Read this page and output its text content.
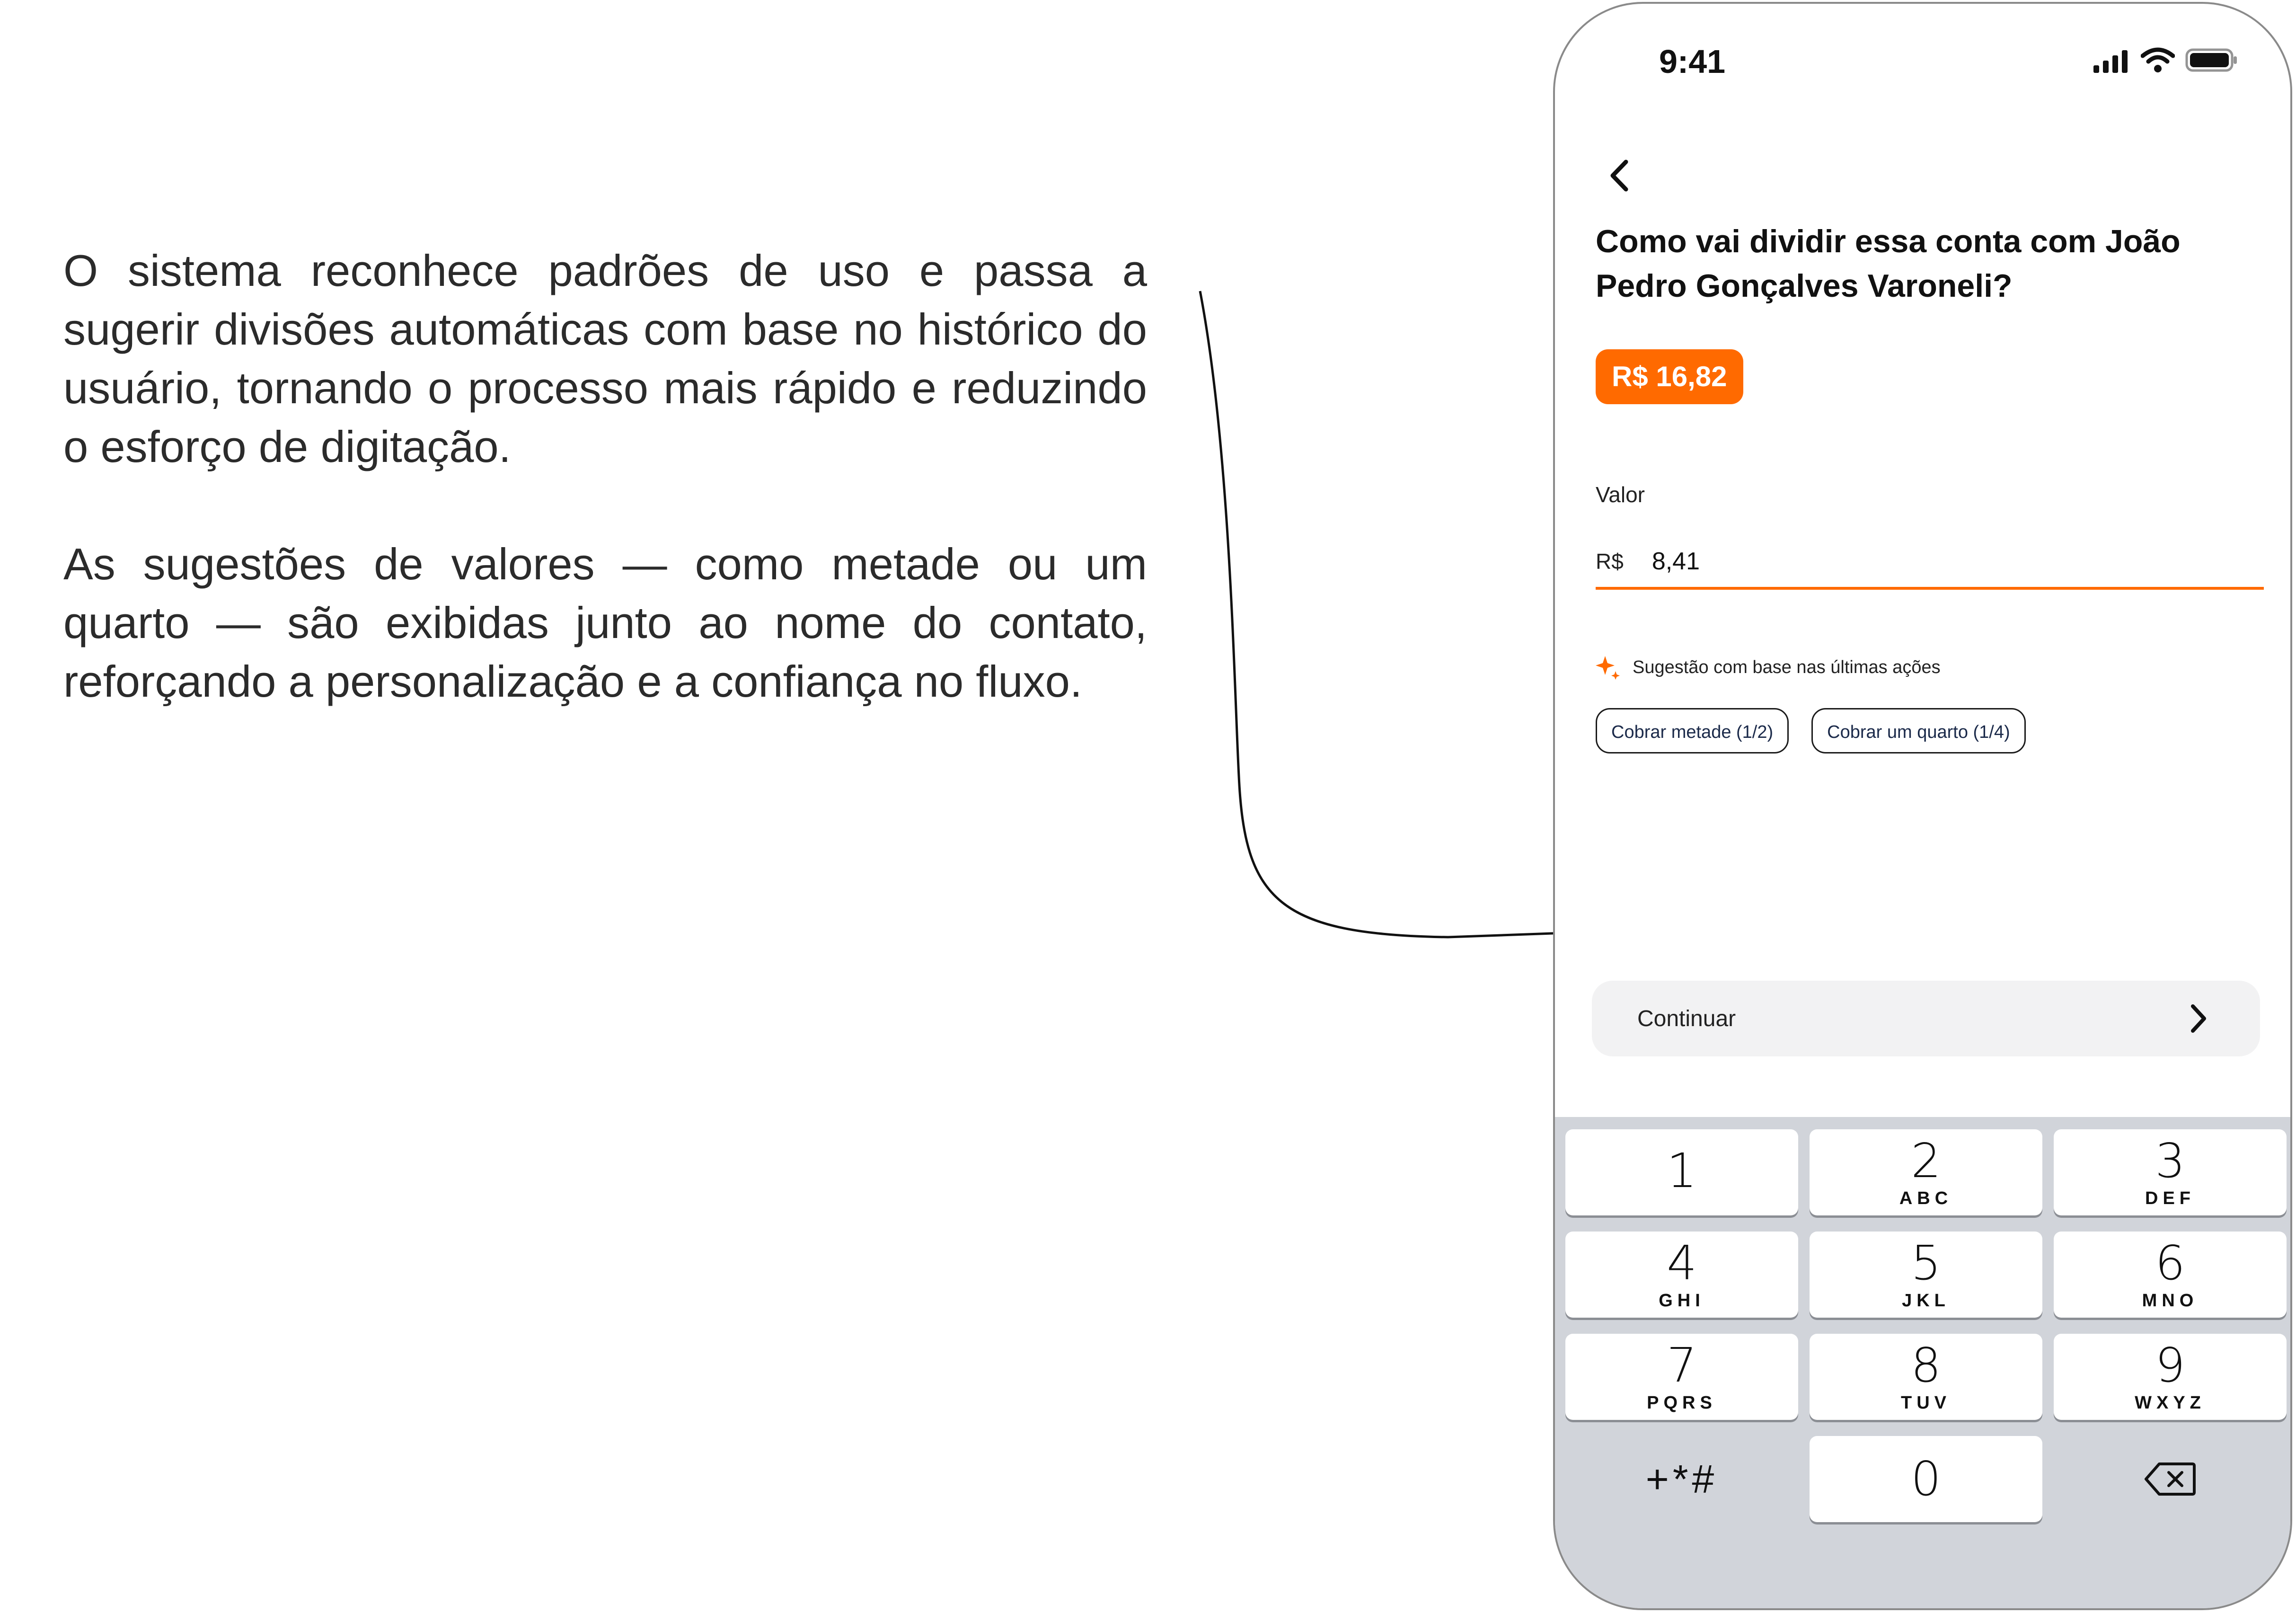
O sistema reconhece padrões de uso e passa a sugerir divisões automáticas com base no histórico do usuário, tornando o processo mais rápido e reduzindo o esforço de digitação.

As sugestões de valores — como metade ou um quarto — são exibidas junto ao nome do contato, reforçando a personalização e a confiança no fluxo.

9:41
Como vai dividir essa conta com João Pedro Gonçalves Varoneli?
R$ 16,82
Valor
R$
8,41
Sugestão com base nas últimas ações
Cobrar metade (1/2)	Cobrar um quarto (1/4)
Continuar
1	2
ABC
3
DEF
4
GHI
5
JKL
6
MNO
7
PQRS
8
TUV
9
WXYZ
+*#	0
